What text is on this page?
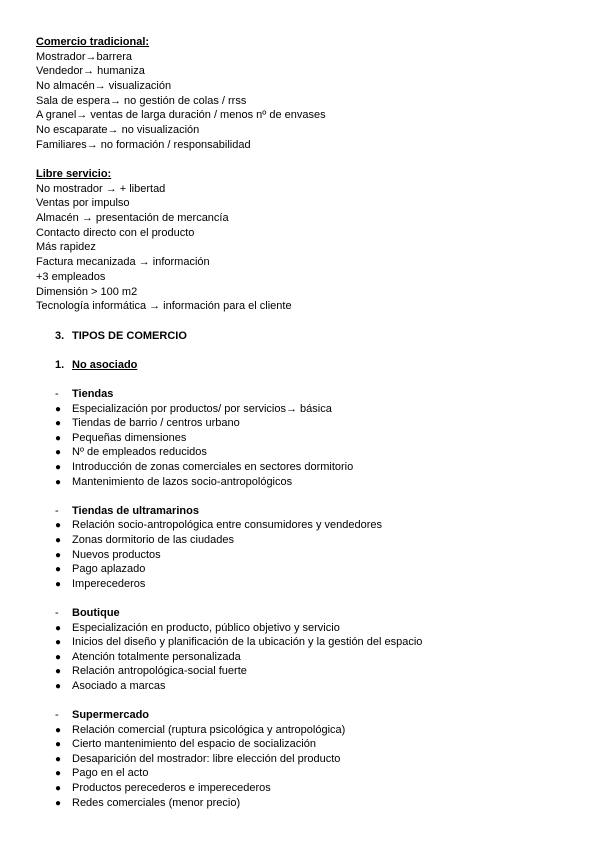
Comercio tradicional:
Mostrador→barrera
Vendedor→ humaniza
No almacén→ visualización
Sala de espera→ no gestión de colas / rrss
A granel→ ventas de larga duración / menos nº de envases
No escaparate→ no visualización
Familiares→ no formación / responsabilidad
Libre servicio:
No mostrador → + libertad
Ventas por impulso
Almacén → presentación de mercancía
Contacto directo con el producto
Más rapidez
Factura mecanizada → información
+3 empleados
Dimensión > 100 m2
Tecnología informática → información para el cliente
3. TIPOS DE COMERCIO
1. No asociado
- Tiendas
● Especialización por productos/ por servicios→ básica
● Tiendas de barrio / centros urbano
● Pequeñas dimensiones
● Nº de empleados reducidos
● Introducción de zonas comerciales en sectores dormitorio
● Mantenimiento de lazos socio-antropológicos
- Tiendas de ultramarinos
● Relación socio-antropológica entre consumidores y vendedores
● Zonas dormitorio de las ciudades
● Nuevos productos
● Pago aplazado
● Imperecederos
- Boutique
● Especialización en producto, público objetivo y servicio
● Inicios del diseño y planificación de la ubicación y la gestión del espacio
● Atención totalmente personalizada
● Relación antropológica-social fuerte
● Asociado a marcas
- Supermercado
● Relación comercial (ruptura psicológica y antropológica)
● Cierto mantenimiento del espacio de socialización
● Desaparición del mostrador: libre elección del producto
● Pago en el acto
● Productos perecederos e imperecederos
● Redes comerciales (menor precio)
